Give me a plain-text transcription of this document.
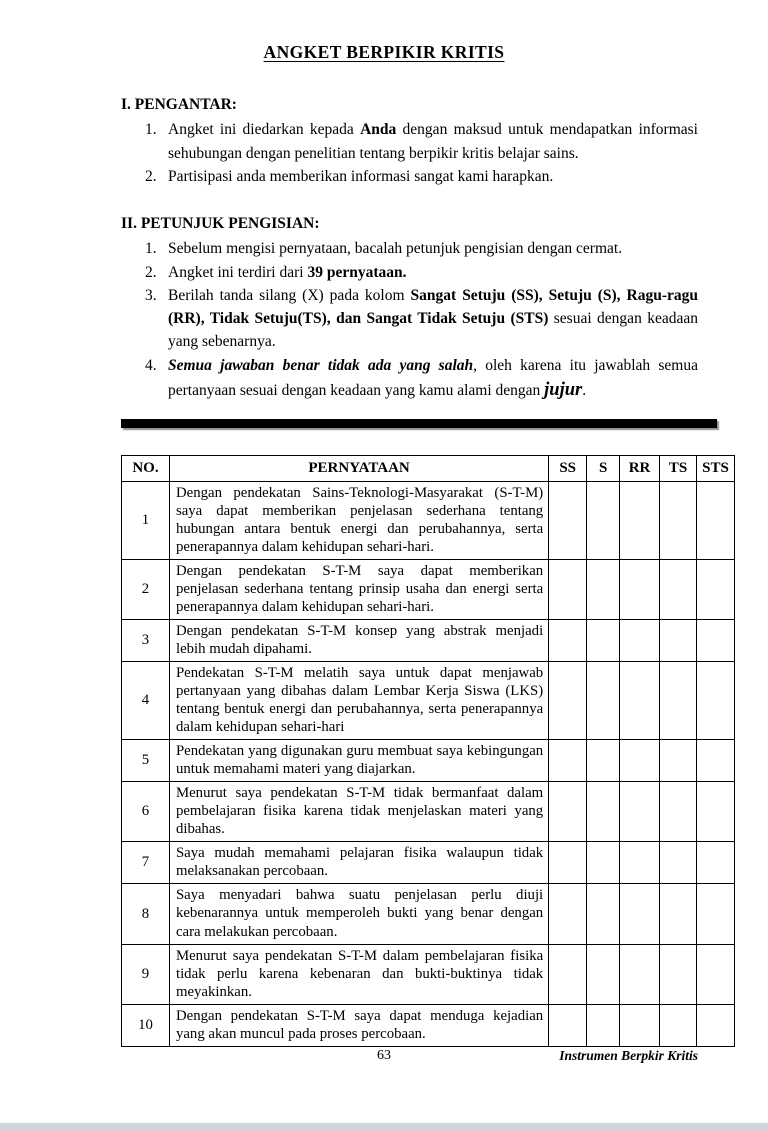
ANGKET BERPIKIR KRITIS
I. PENGANTAR:
1. Angket ini diedarkan kepada Anda dengan maksud untuk mendapatkan informasi sehubungan dengan penelitian tentang berpikir kritis belajar sains.
2. Partisipasi anda memberikan informasi sangat kami harapkan.
II. PETUNJUK PENGISIAN:
1. Sebelum mengisi pernyataan, bacalah petunjuk pengisian dengan cermat.
2. Angket ini terdiri dari 39 pernyataan.
3. Berilah tanda silang (X) pada kolom Sangat Setuju (SS), Setuju (S), Ragu-ragu (RR), Tidak Setuju(TS), dan Sangat Tidak Setuju (STS) sesuai dengan keadaan yang sebenarnya.
4. Semua jawaban benar tidak ada yang salah, oleh karena itu jawablah semua pertanyaan sesuai dengan keadaan yang kamu alami dengan jujur.
NO.	PERNYATAAN	SS	S	RR	TS	STS
1	Dengan pendekatan Sains-Teknologi-Masyarakat (S-T-M) saya dapat memberikan penjelasan sederhana tentang hubungan antara bentuk energi dan perubahannya, serta penerapannya dalam kehidupan sehari-hari.					
2	Dengan pendekatan S-T-M saya dapat memberikan penjelasan sederhana tentang prinsip usaha dan energi serta penerapannya dalam kehidupan sehari-hari.					
3	Dengan pendekatan S-T-M konsep yang abstrak menjadi lebih mudah dipahami.					
4	Pendekatan S-T-M melatih saya untuk dapat menjawab pertanyaan yang dibahas dalam Lembar Kerja Siswa (LKS) tentang bentuk energi dan perubahannya, serta penerapannya dalam kehidupan sehari-hari					
5	Pendekatan yang digunakan guru membuat saya kebingungan untuk memahami materi yang diajarkan.					
6	Menurut saya pendekatan S-T-M tidak bermanfaat dalam pembelajaran fisika karena tidak menjelaskan materi yang dibahas.					
7	Saya mudah memahami pelajaran fisika walaupun tidak melaksanakan percobaan.					
8	Saya menyadari bahwa suatu penjelasan perlu diuji kebenarannya untuk memperoleh bukti yang benar dengan cara melakukan percobaan.					
9	Menurut saya pendekatan S-T-M dalam pembelajaran fisika tidak perlu karena kebenaran dan bukti-buktinya tidak meyakinkan.					
10	Dengan pendekatan S-T-M saya dapat menduga kejadian yang akan muncul pada proses percobaan.					
63	Instrumen Berpkir Kritis
